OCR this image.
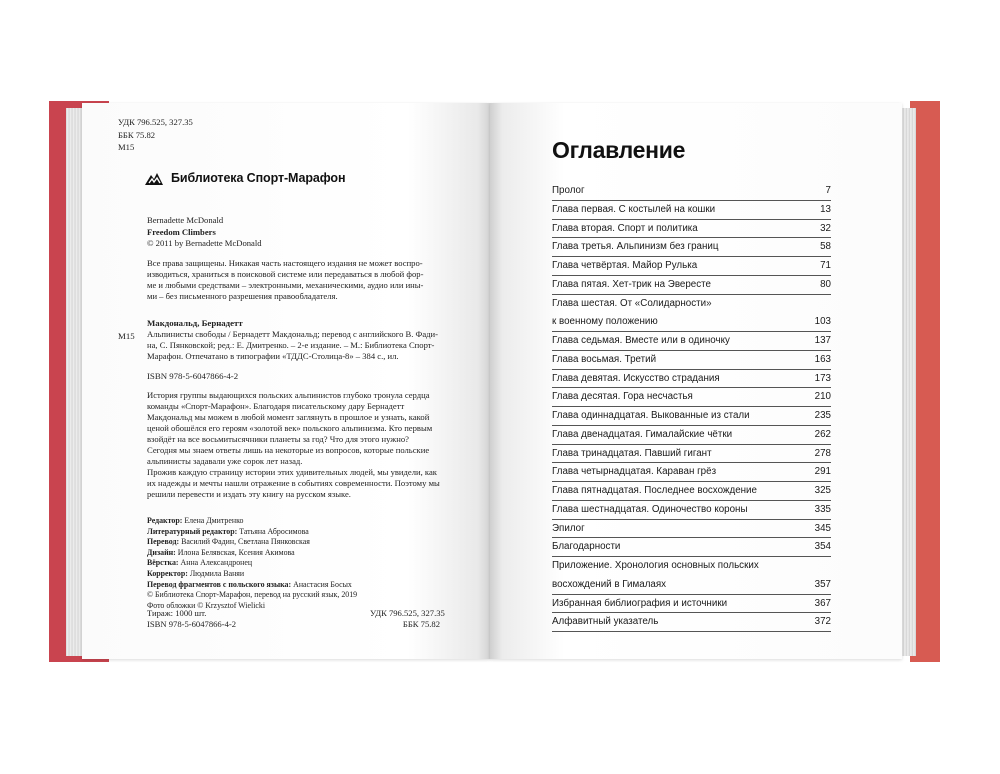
УДК 796.525, 327.35
ББК 75.82
М15
Библиотека Спорт-Марафон
Bernadette McDonald
Freedom Climbers
© 2011 by Bernadette McDonald
Все права защищены. Никакая часть настоящего издания не может воспро-
изводиться, храниться в поисковой системе или передаваться в любой фор-
ме и любыми средствами – электронными, механическими, аудио или ины-
ми – без письменного разрешения правообладателя.
М15
Макдональд, Бернадетт
Альпинисты свободы / Бернадетт Макдональд; перевод с английского В. Фади-
на, С. Пянковской; ред.: Е. Дмитренко. – 2-е издание. – М.: Библиотека Спорт-
Марафон. Отпечатано в типографии «ТДДС-Столица-8» – 384 с., ил.
ISBN 978-5-6047866-4-2
История группы выдающихся польских альпинистов глубоко тронула сердца
команды «Спорт-Марафон». Благодаря писательскому дару Бернадетт
Макдональд мы можем в любой момент заглянуть в прошлое и узнать, какой
ценой обошёлся его героям «золотой век» польского альпинизма. Кто первым
взойдёт на все восьмитысячники планеты за год? Что для этого нужно?
Сегодня мы знаем ответы лишь на некоторые из вопросов, которые польские
альпинисты задавали уже сорок лет назад.
Прожив каждую страницу истории этих удивительных людей, мы увидели, как
их надежды и мечты нашли отражение в событиях современности. Поэтому мы
решили перевести и издать эту книгу на русском языке.
Редактор: Елена Дмитренко
Литературный редактор: Татьяна Абросимова
Перевод: Василий Фадин, Светлана Пянковская
Дизайн: Илона Белявская, Ксения Акимова
Вёрстка: Анна Александронец
Корректор: Людмила Ваняи
Перевод фрагментов с польского языка: Анастасия Босых
© Библиотека Спорт-Марафон, перевод на русский язык, 2019
Фото обложки © Krzysztof Wielicki
Тираж: 1000 шт.
ISBN 978-5-6047866-4-2
УДК 796.525, 327.35
ББК 75.82
Оглавление
Пролог	7
Глава первая. С костылей на кошки	13
Глава вторая. Спорт и политика	32
Глава третья. Альпинизм без границ	58
Глава четвёртая. Майор Рулька	71
Глава пятая. Хет-трик на Эвересте	80
Глава шестая. От «Солидарности»
к военному положению	103
Глава седьмая. Вместе или в одиночку	137
Глава восьмая. Третий	163
Глава девятая. Искусство страдания	173
Глава десятая. Гора несчастья	210
Глава одиннадцатая. Выкованные из стали	235
Глава двенадцатая. Гималайские чётки	262
Глава тринадцатая. Павший гигант	278
Глава четырнадцатая. Караван грёз	291
Глава пятнадцатая. Последнее восхождение	325
Глава шестнадцатая. Одиночество короны	335
Эпилог	345
Благодарности	354
Приложение. Хронология основных польских
восхождений в Гималаях	357
Избранная библиография и источники	367
Алфавитный указатель	372
